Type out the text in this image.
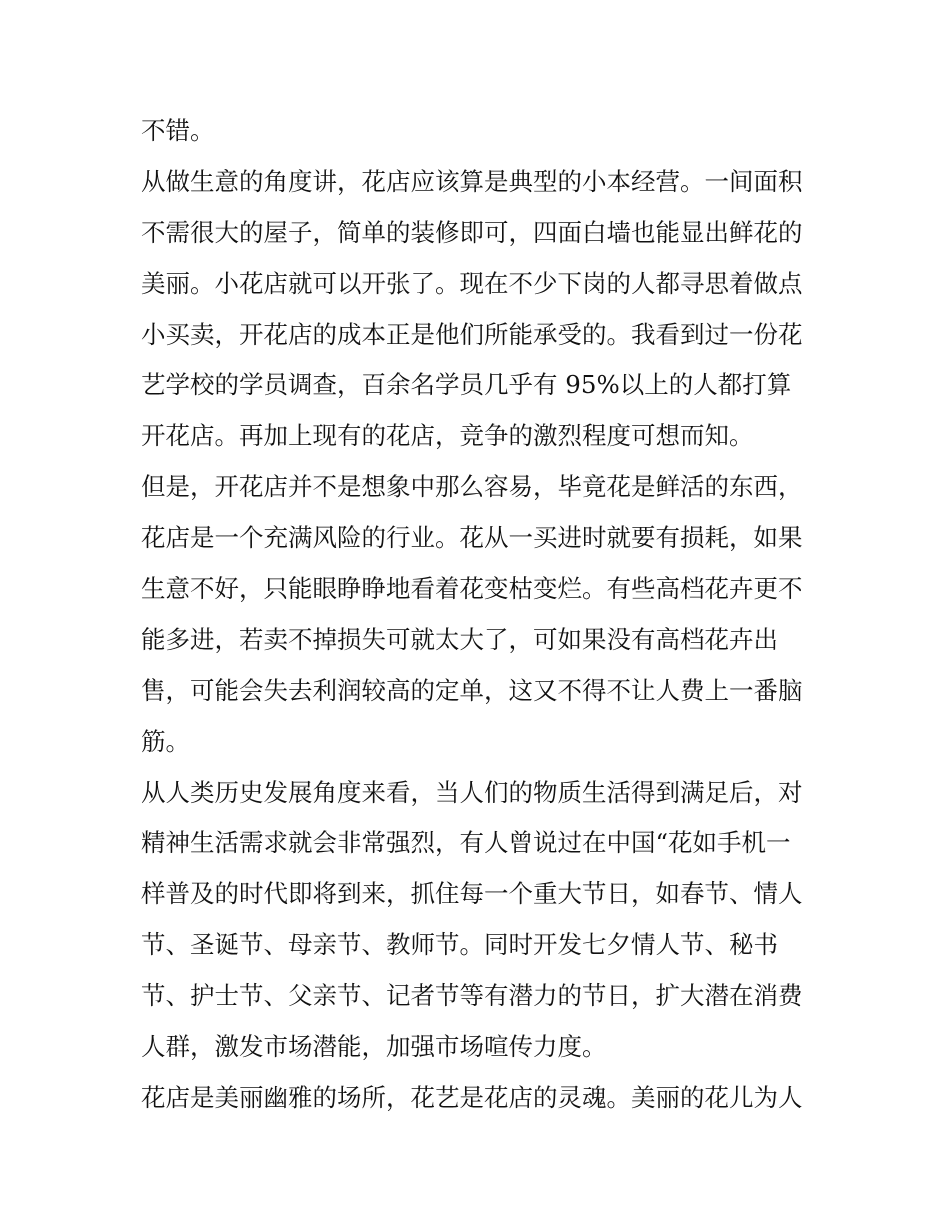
不错。
从做生意的角度讲，花店应该算是典型的小本经营。一间面积
不需很大的屋子，简单的装修即可，四面白墙也能显出鲜花的
美丽。小花店就可以开张了。现在不少下岗的人都寻思着做点
小买卖，开花店的成本正是他们所能承受的。我看到过一份花
艺学校的学员调查，百余名学员几乎有 95%以上的人都打算
开花店。再加上现有的花店，竞争的激烈程度可想而知。
但是，开花店并不是想象中那么容易，毕竟花是鲜活的东西，
花店是一个充满风险的行业。花从一买进时就要有损耗，如果
生意不好，只能眼睁睁地看着花变枯变烂。有些高档花卉更不
能多进，若卖不掉损失可就太大了，可如果没有高档花卉出
售，可能会失去利润较高的定单，这又不得不让人费上一番脑
筋。
从人类历史发展角度来看，当人们的物质生活得到满足后，对
精神生活需求就会非常强烈，有人曾说过在中国“花如手机一
样普及的时代即将到来，抓住每一个重大节日，如春节、情人
节、圣诞节、母亲节、教师节。同时开发七夕情人节、秘书
节、护士节、父亲节、记者节等有潜力的节日，扩大潜在消费
人群，激发市场潜能，加强市场喧传力度。
花店是美丽幽雅的场所，花艺是花店的灵魂。美丽的花儿为人
